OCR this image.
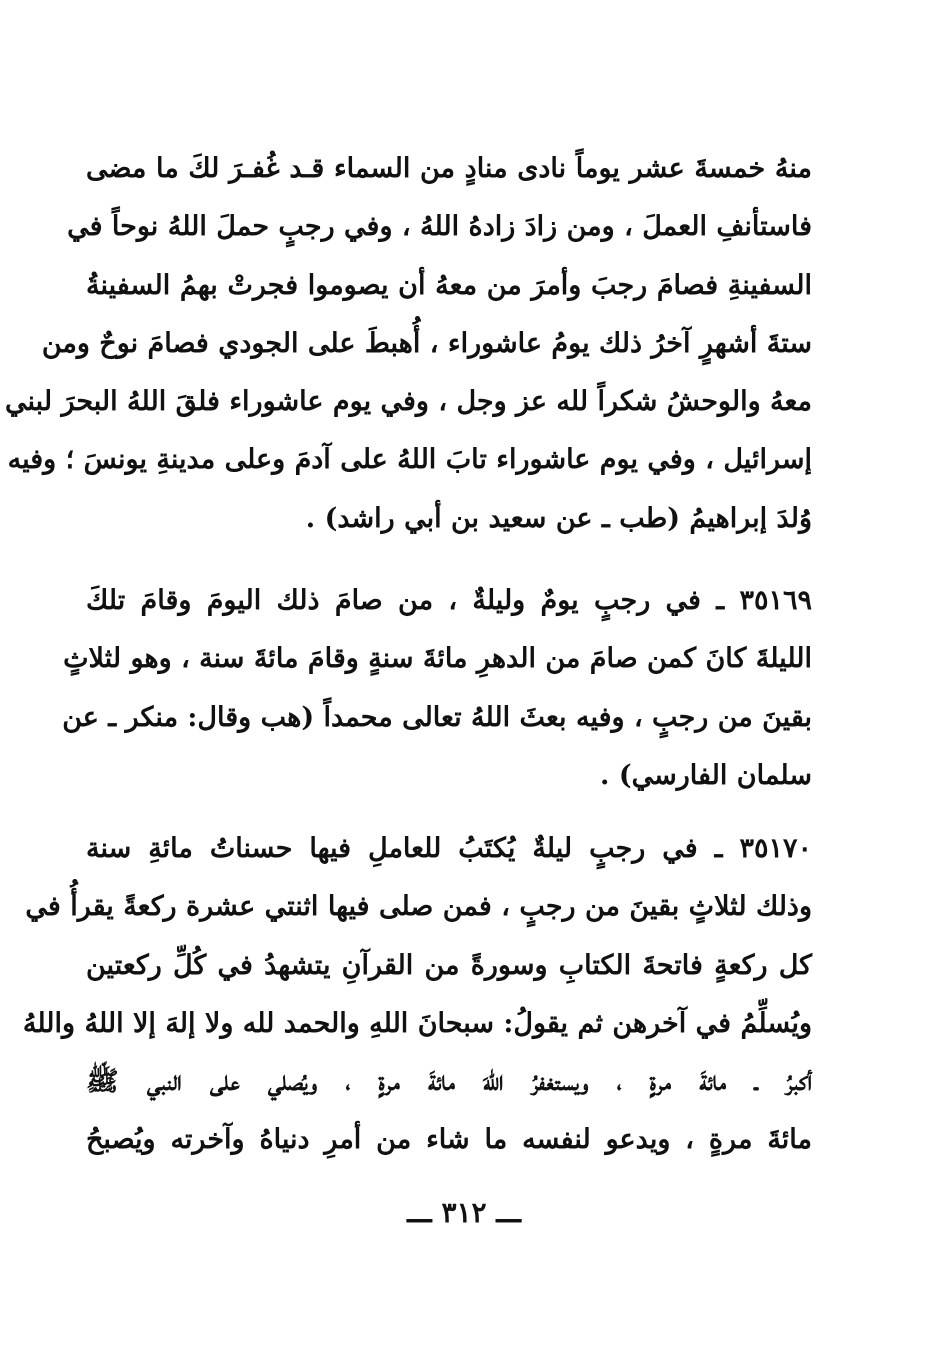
منهُ خمسةَ عشر يوماً نادى منادٍ من السماء قـد غُفـرَ لكَ ما مضى
فاستأنفِ العملَ ، ومن زادَ زادهُ اللهُ ، وفي رجبٍ حملَ اللهُ نوحاً في
السفينةِ فصامَ رجبَ وأمرَ من معهُ أن يصوموا فجرتْ بهمُ السفينةُ
ستةَ أشهرٍ آخرُ ذلك يومُ عاشوراء ، أُهبطَ على الجودي فصامَ نوحٌ ومن
معهُ والوحشُ شكراً لله عز وجل ، وفي يوم عاشوراء فلقَ اللهُ البحرَ لبني
إسرائيل ، وفي يوم عاشوراء تابَ اللهُ على آدمَ وعلى مدينةِ يونسَ ؛ وفيه
وُلدَ إبراهيمُ (طب ـ عن سعيد بن أبي راشد) .
٣٥١٦٩ ـ في رجبٍ يومٌ وليلةٌ ، من صامَ ذلك اليومَ وقامَ تلكَ
الليلةَ كانَ كمن صامَ من الدهرِ مائةَ سنةٍ وقامَ مائةَ سنة ، وهو لثلاثٍ
بقينَ من رجبٍ ، وفيه بعثَ اللهُ تعالى محمداً (هب وقال: منكر ـ عن
سلمان الفارسي) .
٣٥١٧٠ ـ في رجبٍ ليلةٌ يُكتَبُ للعاملِ فيها حسناتُ مائةِ سنة
وذلك لثلاثٍ بقينَ من رجبٍ ، فمن صلى فيها اثنتي عشرة ركعةً يقرأُ في
كل ركعةٍ فاتحةَ الكتابِ وسورةً من القرآنِ يتشهدُ في كُلِّ ركعتين
ويُسلِّمُ في آخرهن ثم يقولُ: سبحانَ اللهِ والحمد لله ولا إلهَ إلا اللهُ واللهُ
أكبرُ ـ مائةَ مرةٍ ، ويستغفرُ اللهَ مائةَ مرةٍ ، ويُصلي على النبي ﷺ
مائةَ مرةٍ ، ويدعو لنفسه ما شاء من أمرِ دنياهُ وآخرته ويُصبحُ
ـــ ٣١٢ ـــ
